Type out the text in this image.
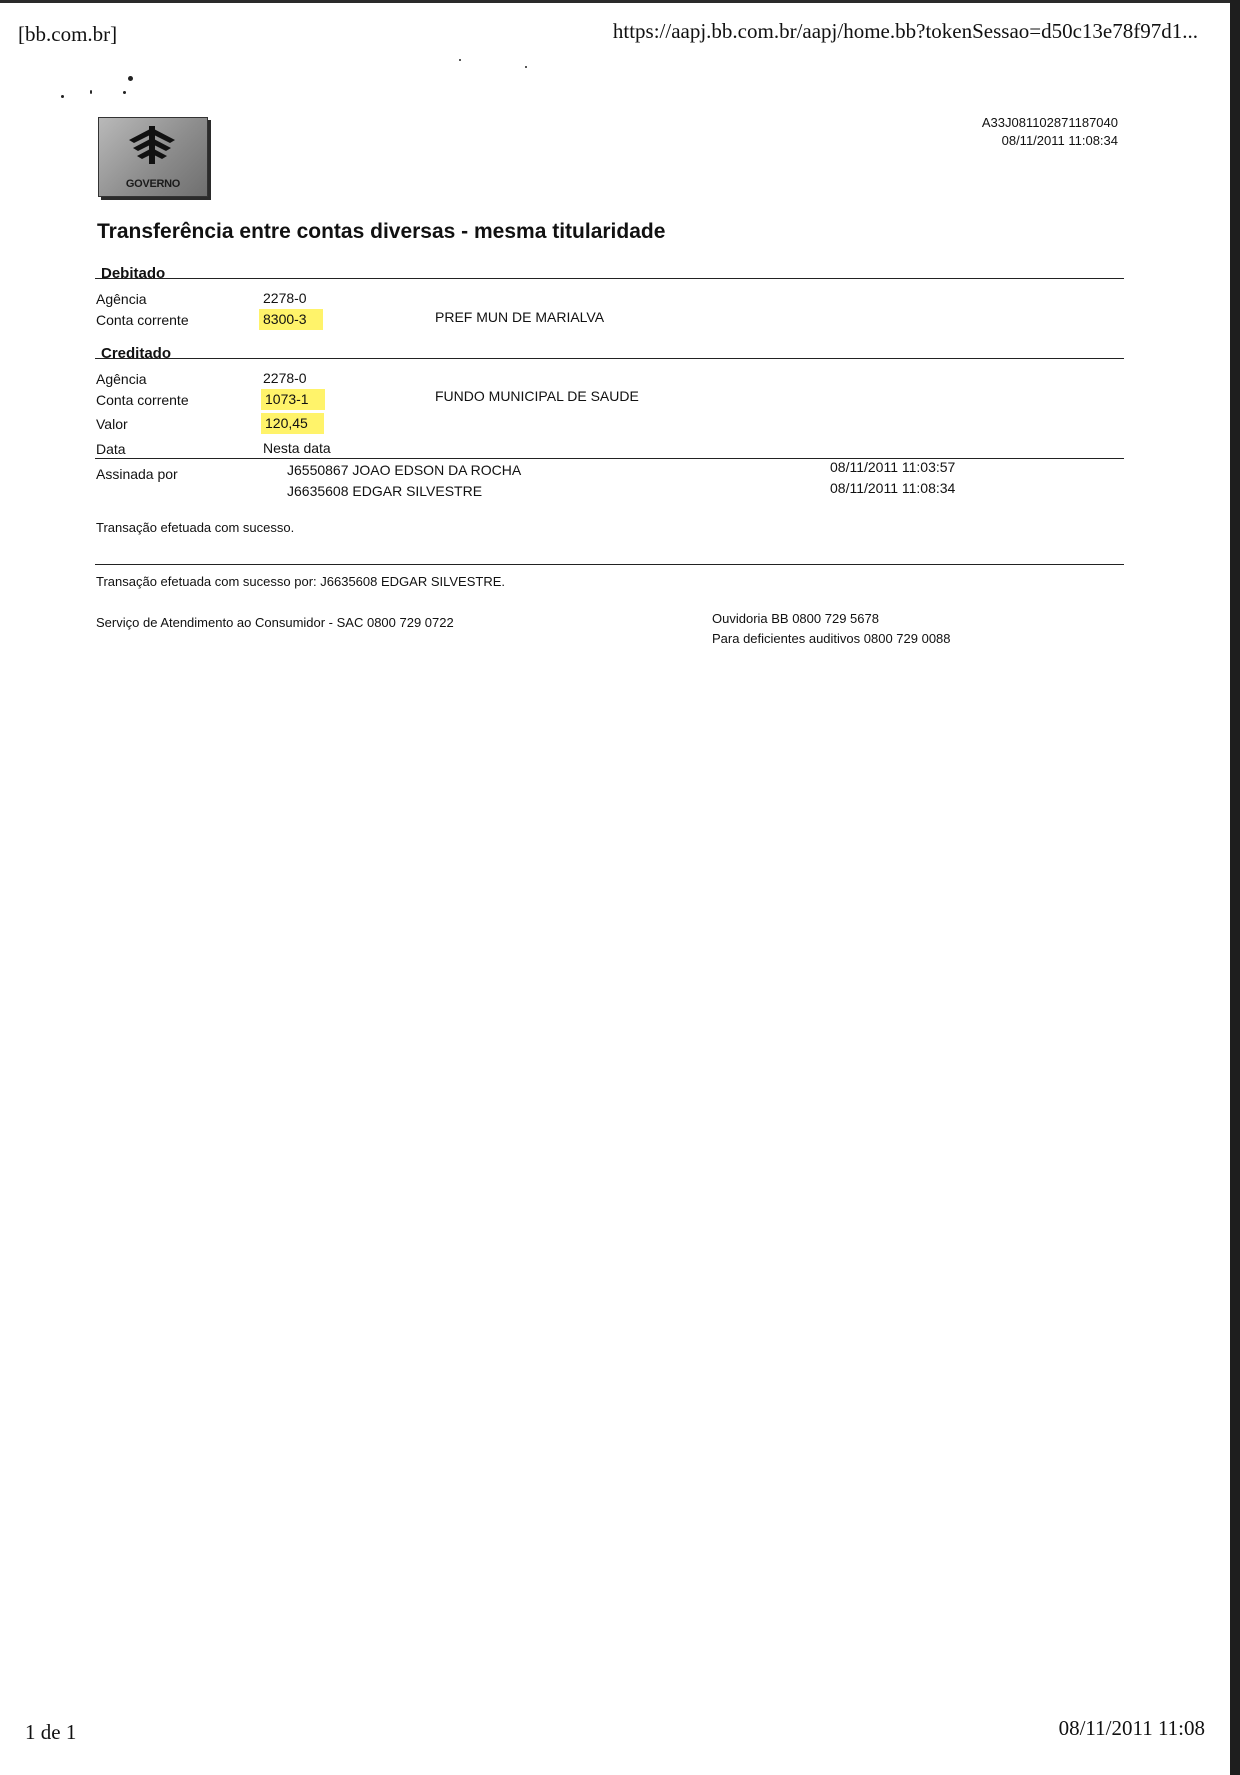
[bb.com.br]	https://aapj.bb.com.br/aapj/home.bb?tokenSessao=d50c13e78f97d1...
GOVERNO
A33J081102871187040
08/11/2011 11:08:34
Transferência entre contas diversas - mesma titularidade
Debitado
Agência	2278-0
Conta corrente	8300-3	PREF MUN DE MARIALVA
Creditado
Agência	2278-0
Conta corrente	1073-1	FUNDO MUNICIPAL DE SAUDE
Valor	120,45
Data	Nesta data
Assinada por	J6550867 JOAO EDSON DA ROCHA	08/11/2011 11:03:57
J6635608 EDGAR SILVESTRE	08/11/2011 11:08:34
Transação efetuada com sucesso.
Transação efetuada com sucesso por: J6635608 EDGAR SILVESTRE.
Serviço de Atendimento ao Consumidor - SAC 0800 729 0722	Ouvidoria BB 0800 729 5678
Para deficientes auditivos 0800 729 0088
1 de 1	08/11/2011 11:08
